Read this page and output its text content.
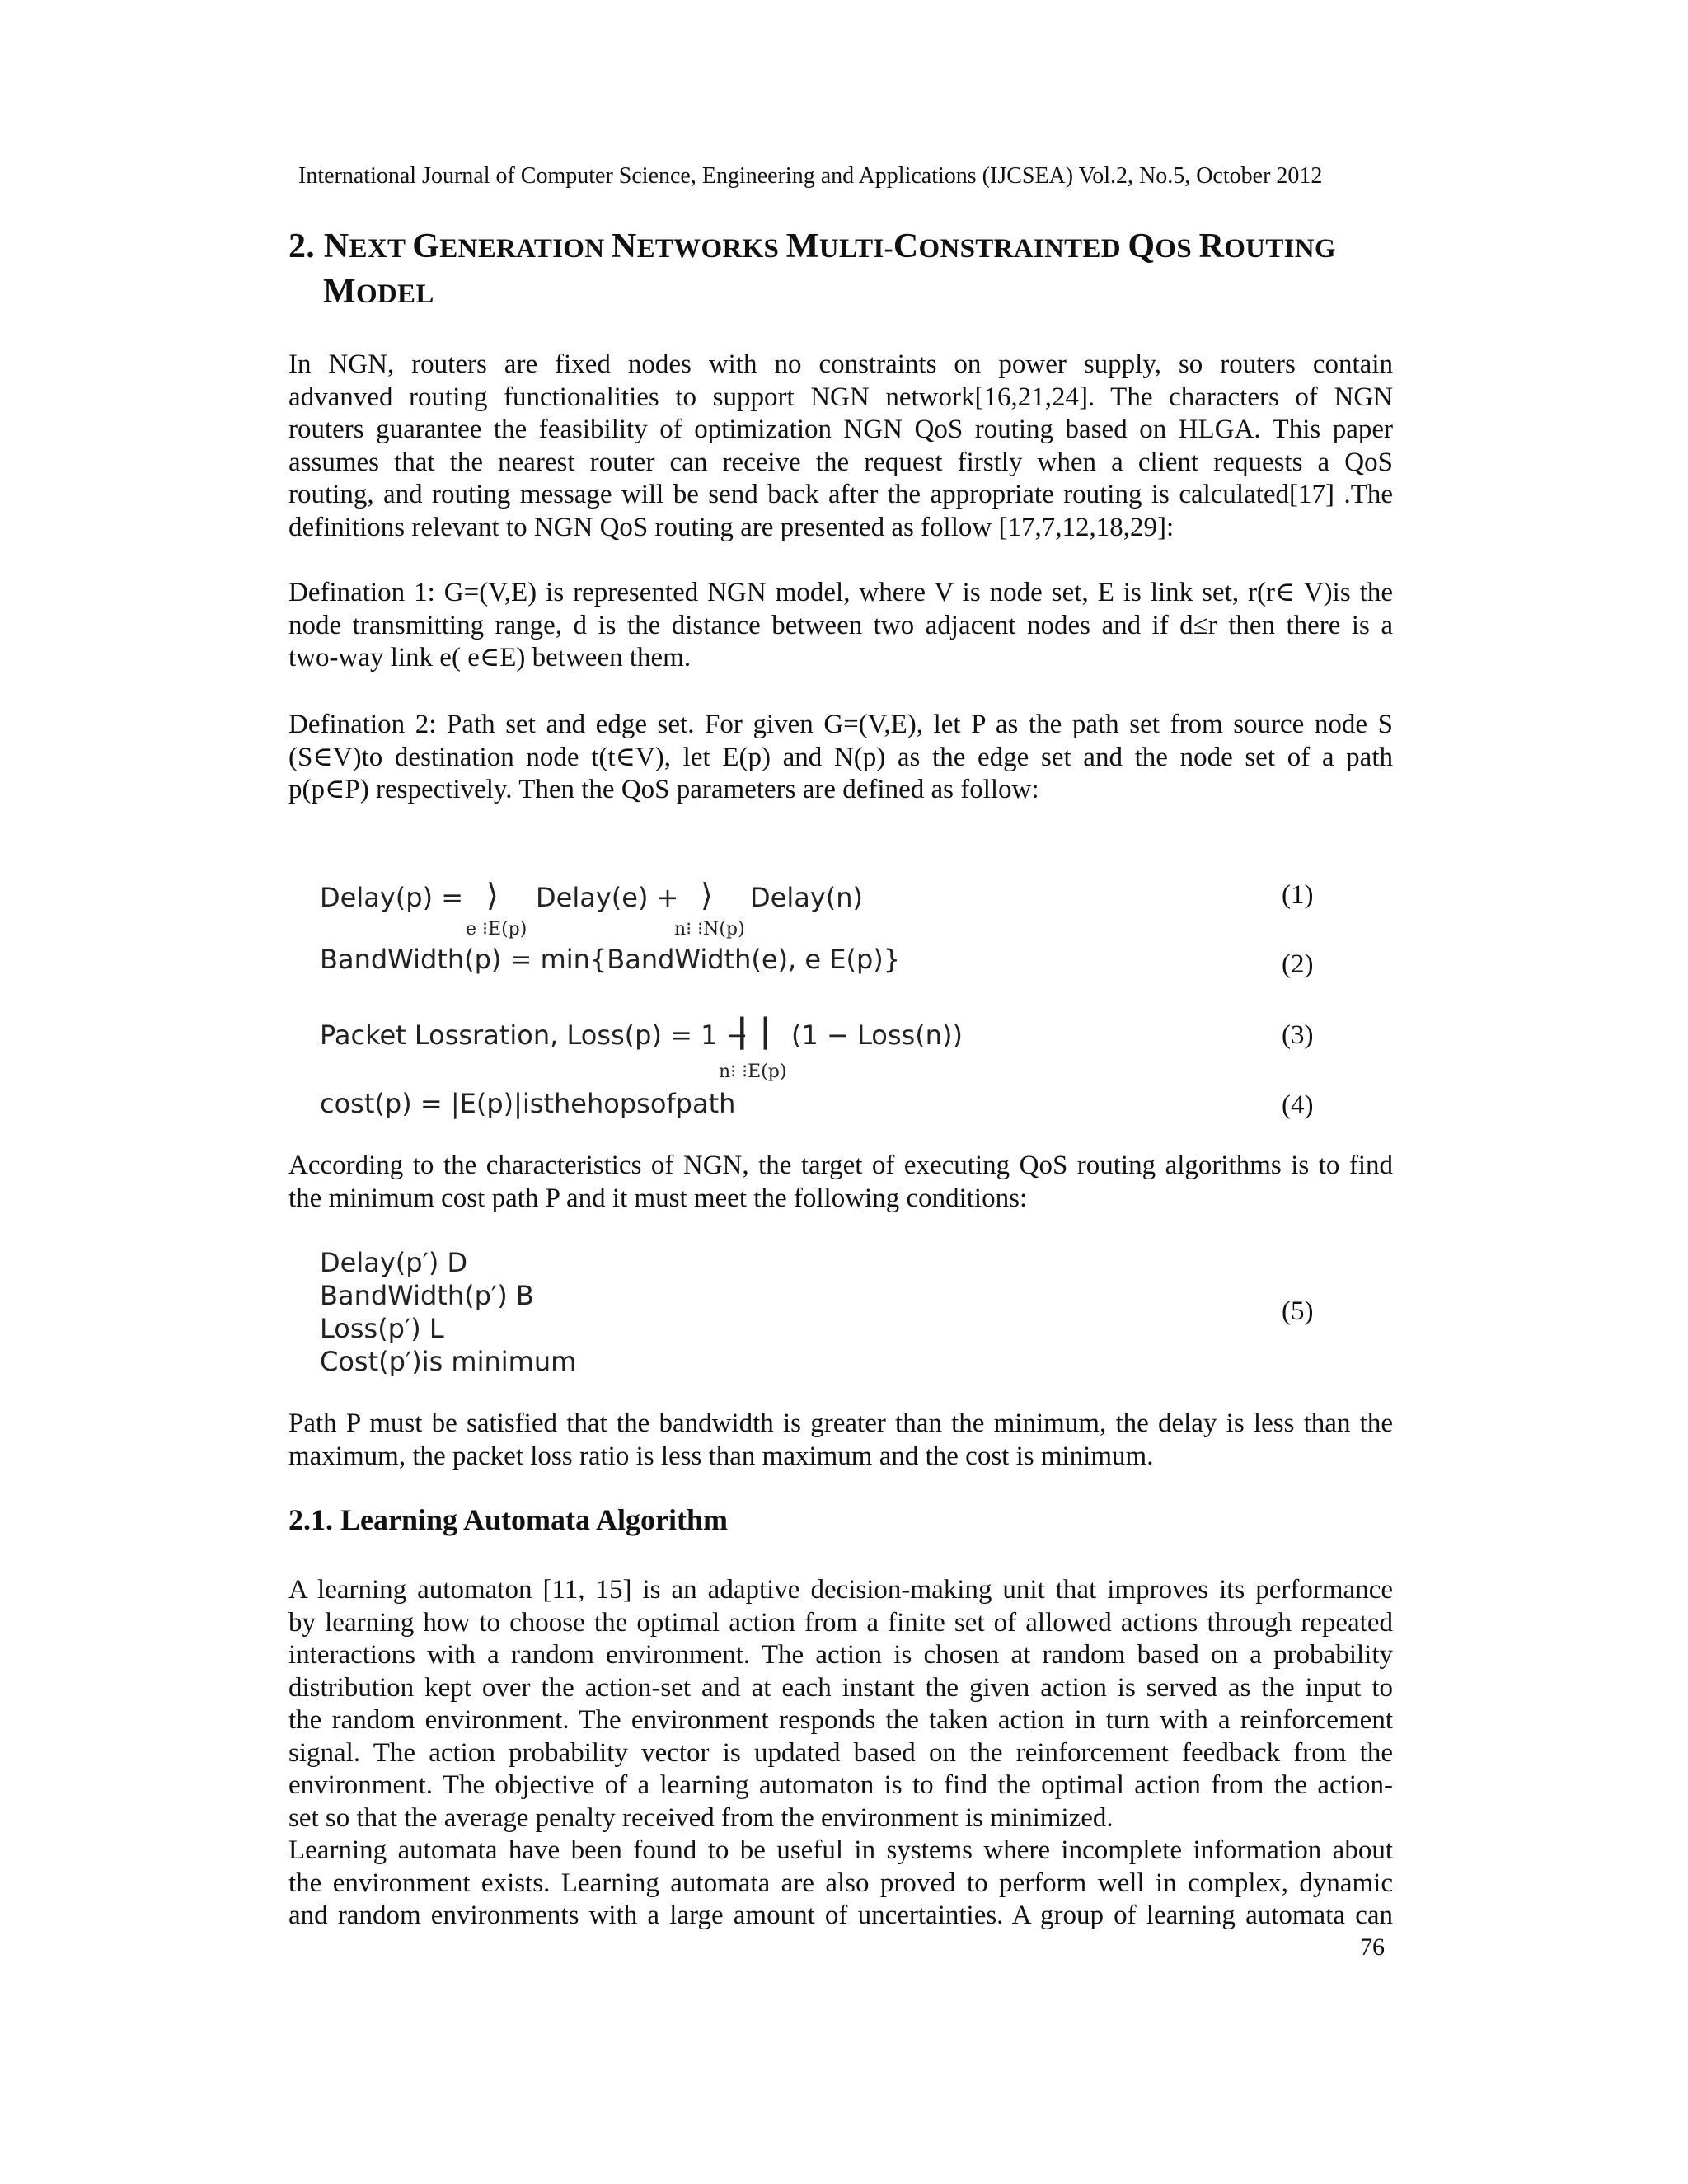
International Journal of Computer Science, Engineering and Applications (IJCSEA) Vol.2, No.5, October 2012
2. NEXT GENERATION NETWORKS MULTI-CONSTRAINTED QOS ROUTING
MODEL
In NGN, routers are fixed nodes with no constraints on power supply, so routers contain
advanved routing functionalities to support NGN network[16,21,24]. The characters of NGN
routers guarantee the feasibility of optimization NGN QoS routing based on HLGA. This paper
assumes that the nearest router can receive the request firstly when a client requests a QoS
routing, and routing message will be send back after the appropriate routing is calculated[17] .The
definitions relevant to NGN QoS routing are presented as follow [17,7,12,18,29]:
Defination 1: G=(V,E) is represented NGN model, where V is node set, E is link set, r(r∈ V)is the
node transmitting range, d is the distance between two adjacent nodes and if d≤r then there is a
two-way link e( e∈E) between them.
Defination 2: Path set and edge set. For given G=(V,E), let P as the path set from source node S
(S∈V)to destination node t(t∈V), let E(p) and N(p) as the edge set and the node set of a path
p(p∈P) respectively. Then the QoS parameters are defined as follow:
Delay(p) = ⟩ Delay(e) + ⟩ Delay(n)
e ⁝E(p)	n⁝ ⁝N(p)
(1)
BandWidth(p) = min{BandWidth(e), e E(p)}	(2)
Packet Lossration, Loss(p) = 1 −
| | (1 − Loss(n))
n⁝ ⁝E(p)
(3)
cost(p) = |E(p)|isthehopsofpath	(4)
According to the characteristics of NGN, the target of executing QoS routing algorithms is to find
the minimum cost path P and it must meet the following conditions:
Delay(p′) D
BandWidth(p′) B
Loss(p′) L
Cost(p′)is minimum
(5)
Path P must be satisfied that the bandwidth is greater than the minimum, the delay is less than the
maximum, the packet loss ratio is less than maximum and the cost is minimum.
2.1. Learning Automata Algorithm
A learning automaton [11, 15] is an adaptive decision-making unit that improves its performance
by learning how to choose the optimal action from a finite set of allowed actions through repeated
interactions with a random environment. The action is chosen at random based on a probability
distribution kept over the action-set and at each instant the given action is served as the input to
the random environment. The environment responds the taken action in turn with a reinforcement
signal. The action probability vector is updated based on the reinforcement feedback from the
environment. The objective of a learning automaton is to find the optimal action from the action-
set so that the average penalty received from the environment is minimized.
Learning automata have been found to be useful in systems where incomplete information about
the environment exists. Learning automata are also proved to perform well in complex, dynamic
and random environments with a large amount of uncertainties. A group of learning automata can
76
